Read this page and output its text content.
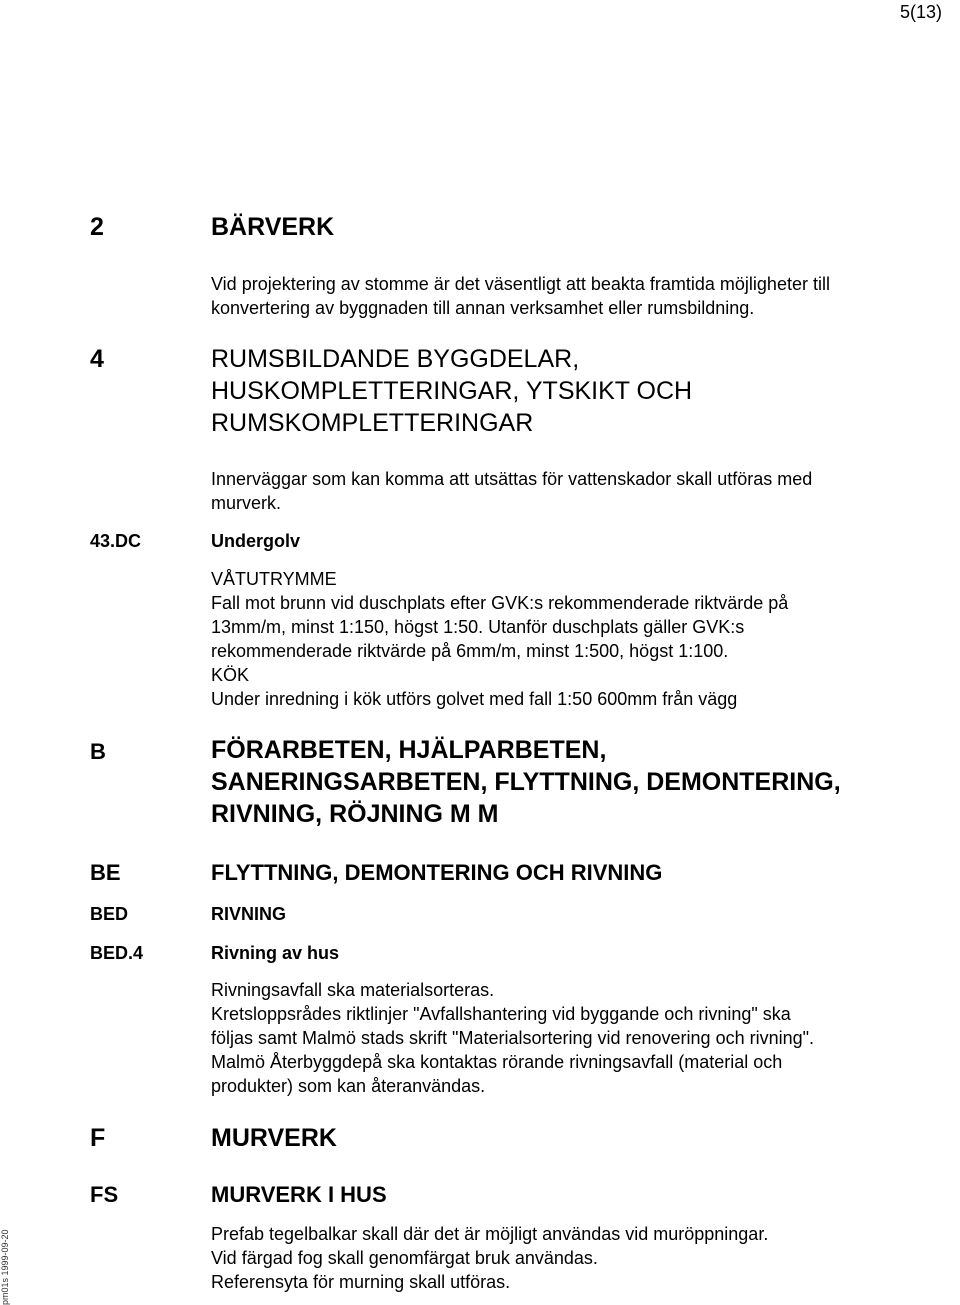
5(13)
2	BÄRVERK
Vid projektering av stomme är det väsentligt att beakta framtida möjligheter till
konvertering av byggnaden till annan verksamhet eller rumsbildning.
4	RUMSBILDANDE BYGGDELAR,
HUSKOMPLETTERINGAR, YTSKIKT OCH
RUMSKOMPLETTERINGAR
Innerväggar som kan komma att utsättas för vattenskador skall utföras med
murverk.
43.DC	Undergolv
VÅTUTRYMME
Fall mot brunn vid duschplats efter GVK:s rekommenderade riktvärde på
13mm/m, minst 1:150, högst 1:50. Utanför duschplats gäller GVK:s
rekommenderade riktvärde på 6mm/m, minst 1:500, högst 1:100.
KÖK
Under inredning i kök utförs golvet med fall 1:50 600mm från vägg
B	FÖRARBETEN, HJÄLPARBETEN,
SANERINGSARBETEN, FLYTTNING, DEMONTERING,
RIVNING, RÖJNING M M
BE	FLYTTNING, DEMONTERING OCH RIVNING
BED	RIVNING
BED.4	Rivning av hus
Rivningsavfall ska materialsorteras.
Kretsloppsrådes riktlinjer "Avfallshantering vid byggande och rivning" ska
följas samt Malmö stads skrift "Materialsortering vid renovering och rivning".
Malmö Återbyggdepå ska kontaktas rörande rivningsavfall (material och
produkter) som kan återanvändas.
F	MURVERK
FS	MURVERK I HUS
Prefab tegelbalkar skall där det är möjligt användas vid muröppningar.
Vid färgad fog skall genomfärgat bruk användas.
Referensyta för murning skall utföras.
pm01s 1999-09-20
